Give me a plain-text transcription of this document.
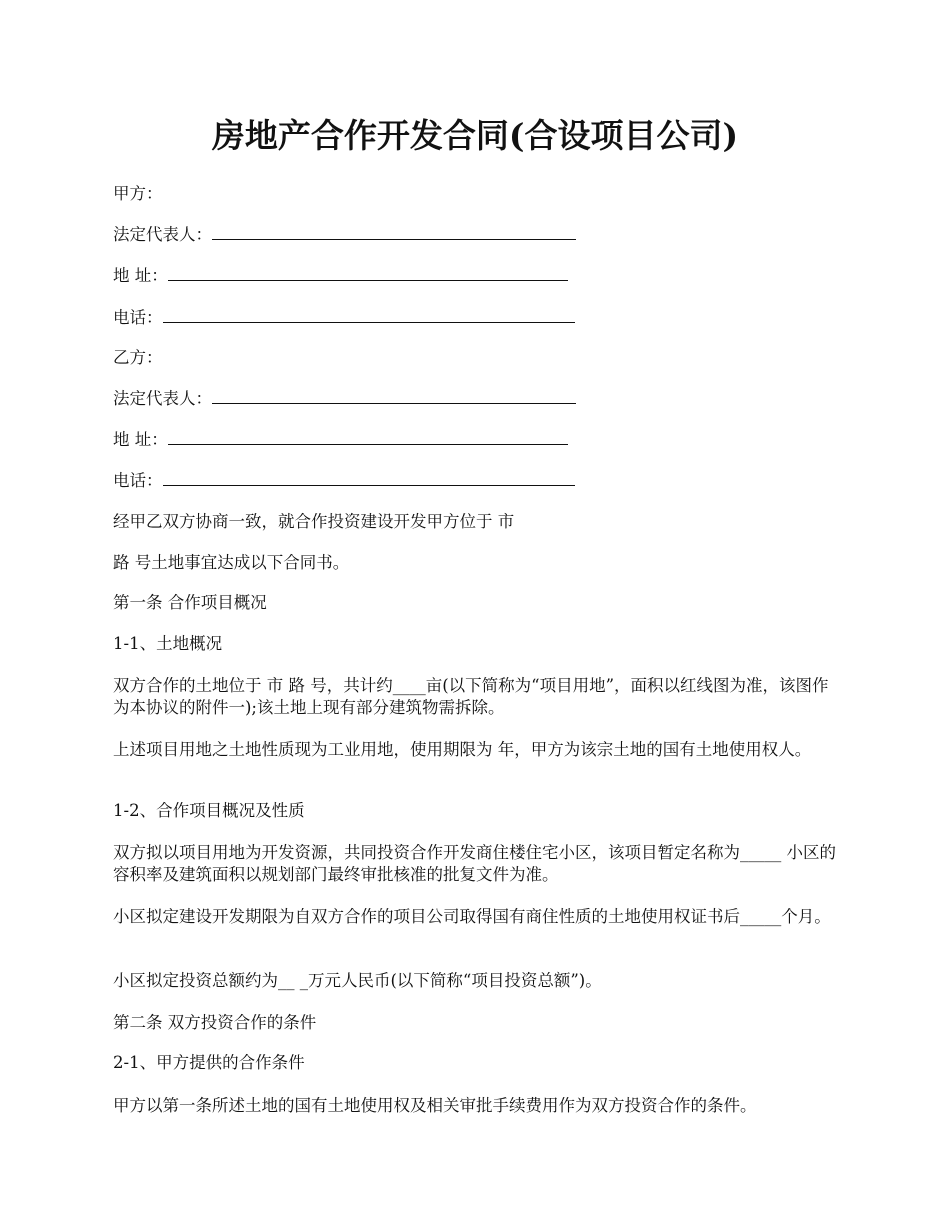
房地产合作开发合同(合设项目公司)

甲方：

法定代表人：

地 址：

电话：

乙方：

法定代表人：

地 址：

电话：

经甲乙双方协商一致，就合作投资建设开发甲方位于 市

路 号土地事宜达成以下合同书。

第一条 合作项目概况

1-1、土地概况

双方合作的土地位于 市 路 号，共计约____亩(以下简称为“项目用地”，面积以红线图为准，该图作为本协议的附件一);该土地上现有部分建筑物需拆除。

上述项目用地之土地性质现为工业用地，使用期限为 年，甲方为该宗土地的国有土地使用权人。

1-2、合作项目概况及性质

双方拟以项目用地为开发资源，共同投资合作开发商住楼住宅小区，该项目暂定名称为_____ 小区的容积率及建筑面积以规划部门最终审批核准的批复文件为准。

小区拟定建设开发期限为自双方合作的项目公司取得国有商住性质的土地使用权证书后_____个月。

小区拟定投资总额约为__ _万元人民币(以下简称“项目投资总额”)。

第二条 双方投资合作的条件

2-1、甲方提供的合作条件

甲方以第一条所述土地的国有土地使用权及相关审批手续费用作为双方投资合作的条件。
